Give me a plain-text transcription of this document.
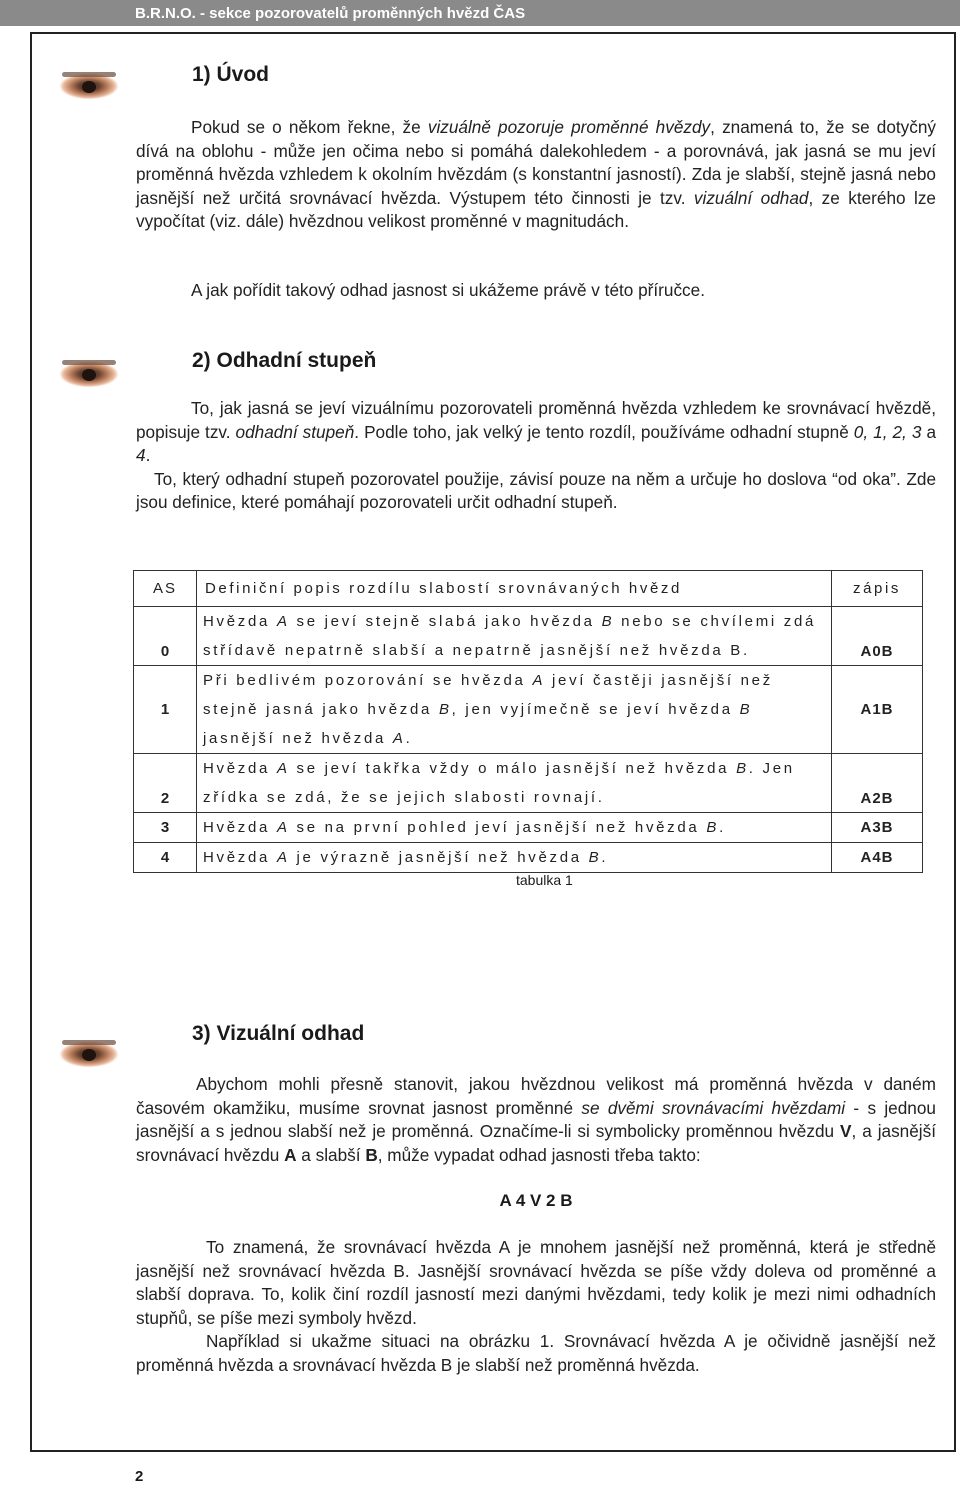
B.R.N.O. - sekce pozorovatelů proměnných hvězd ČAS
1) Úvod

Pokud se o někom řekne, že vizuálně pozoruje proměnné hvězdy, znamená to, že se dotyčný dívá na oblohu - může jen očima nebo si pomáhá dalekohledem - a porovnává, jak jasná se mu jeví proměnná hvězda vzhledem k okolním hvězdám (s konstantní jasností). Zda je slabší, stejně jasná nebo jasnější než určitá srovnávací hvězda. Výstupem této činnosti je tzv. vizuální odhad, ze kterého lze vypočítat (viz. dále) hvězdnou velikost proměnné v magnitudách.

A jak pořídit takový odhad jasnost si ukážeme právě v této příručce.
2) Odhadní stupeň

To, jak jasná se jeví vizuálnímu pozorovateli proměnná hvězda vzhledem ke srovnávací hvězdě, popisuje tzv. odhadní stupeň. Podle toho, jak velký je tento rozdíl, používáme odhadní stupně 0, 1, 2, 3 a 4.

To, který odhadní stupeň pozorovatel použije, závisí pouze na něm a určuje ho doslova “od oka”. Zde jsou definice, které pomáhají pozorovateli určit odhadní stupeň.

AS	Definiční popis rozdílu slabostí srovnávaných hvězd	zápis
0	Hvězda A se jeví stejně slabá jako hvězda B nebo se chvílemi zdá střídavě nepatrně slabší a nepatrně jasnější než hvězda B.	A0B
1	Při bedlivém pozorování se hvězda A jeví častěji jasnější než stejně jasná jako hvězda B, jen vyjímečně se jeví hvězda B jasnější než hvězda A.	A1B
2	Hvězda A se jeví takřka vždy o málo jasnější než hvězda B. Jen zřídka se zdá, že se jejich slabosti rovnají.	A2B
3	Hvězda A se na první pohled jeví jasnější než hvězda B.	A3B
4	Hvězda A je výrazně jasnější než hvězda B.	A4B
tabulka 1
3) Vizuální odhad

Abychom mohli přesně stanovit, jakou hvězdnou velikost má proměnná hvězda v daném časovém okamžiku, musíme srovnat jasnost proměnné se dvěmi srovnávacími hvězdami - s jednou jasnější a s jednou slabší než je proměnná. Označíme-li si symbolicky proměnnou hvězdu V, a jasnější srovnávací hvězdu A a slabší B, může vypadat odhad jasnosti třeba takto:

A 4 V 2 B

To znamená, že srovnávací hvězda A je mnohem jasnější než proměnná, která je středně jasnější než srovnávací hvězda B. Jasnější srovnávací hvězda se píše vždy doleva od proměnné a slabší doprava. To, kolik činí rozdíl jasností mezi danými hvězdami, tedy kolik je mezi nimi odhadních stupňů, se píše mezi symboly hvězd.

Například si ukažme situaci na obrázku 1. Srovnávací hvězda A je očividně jasnější než proměnná hvězda a srovnávací hvězda B je slabší než proměnná hvězda.

2
